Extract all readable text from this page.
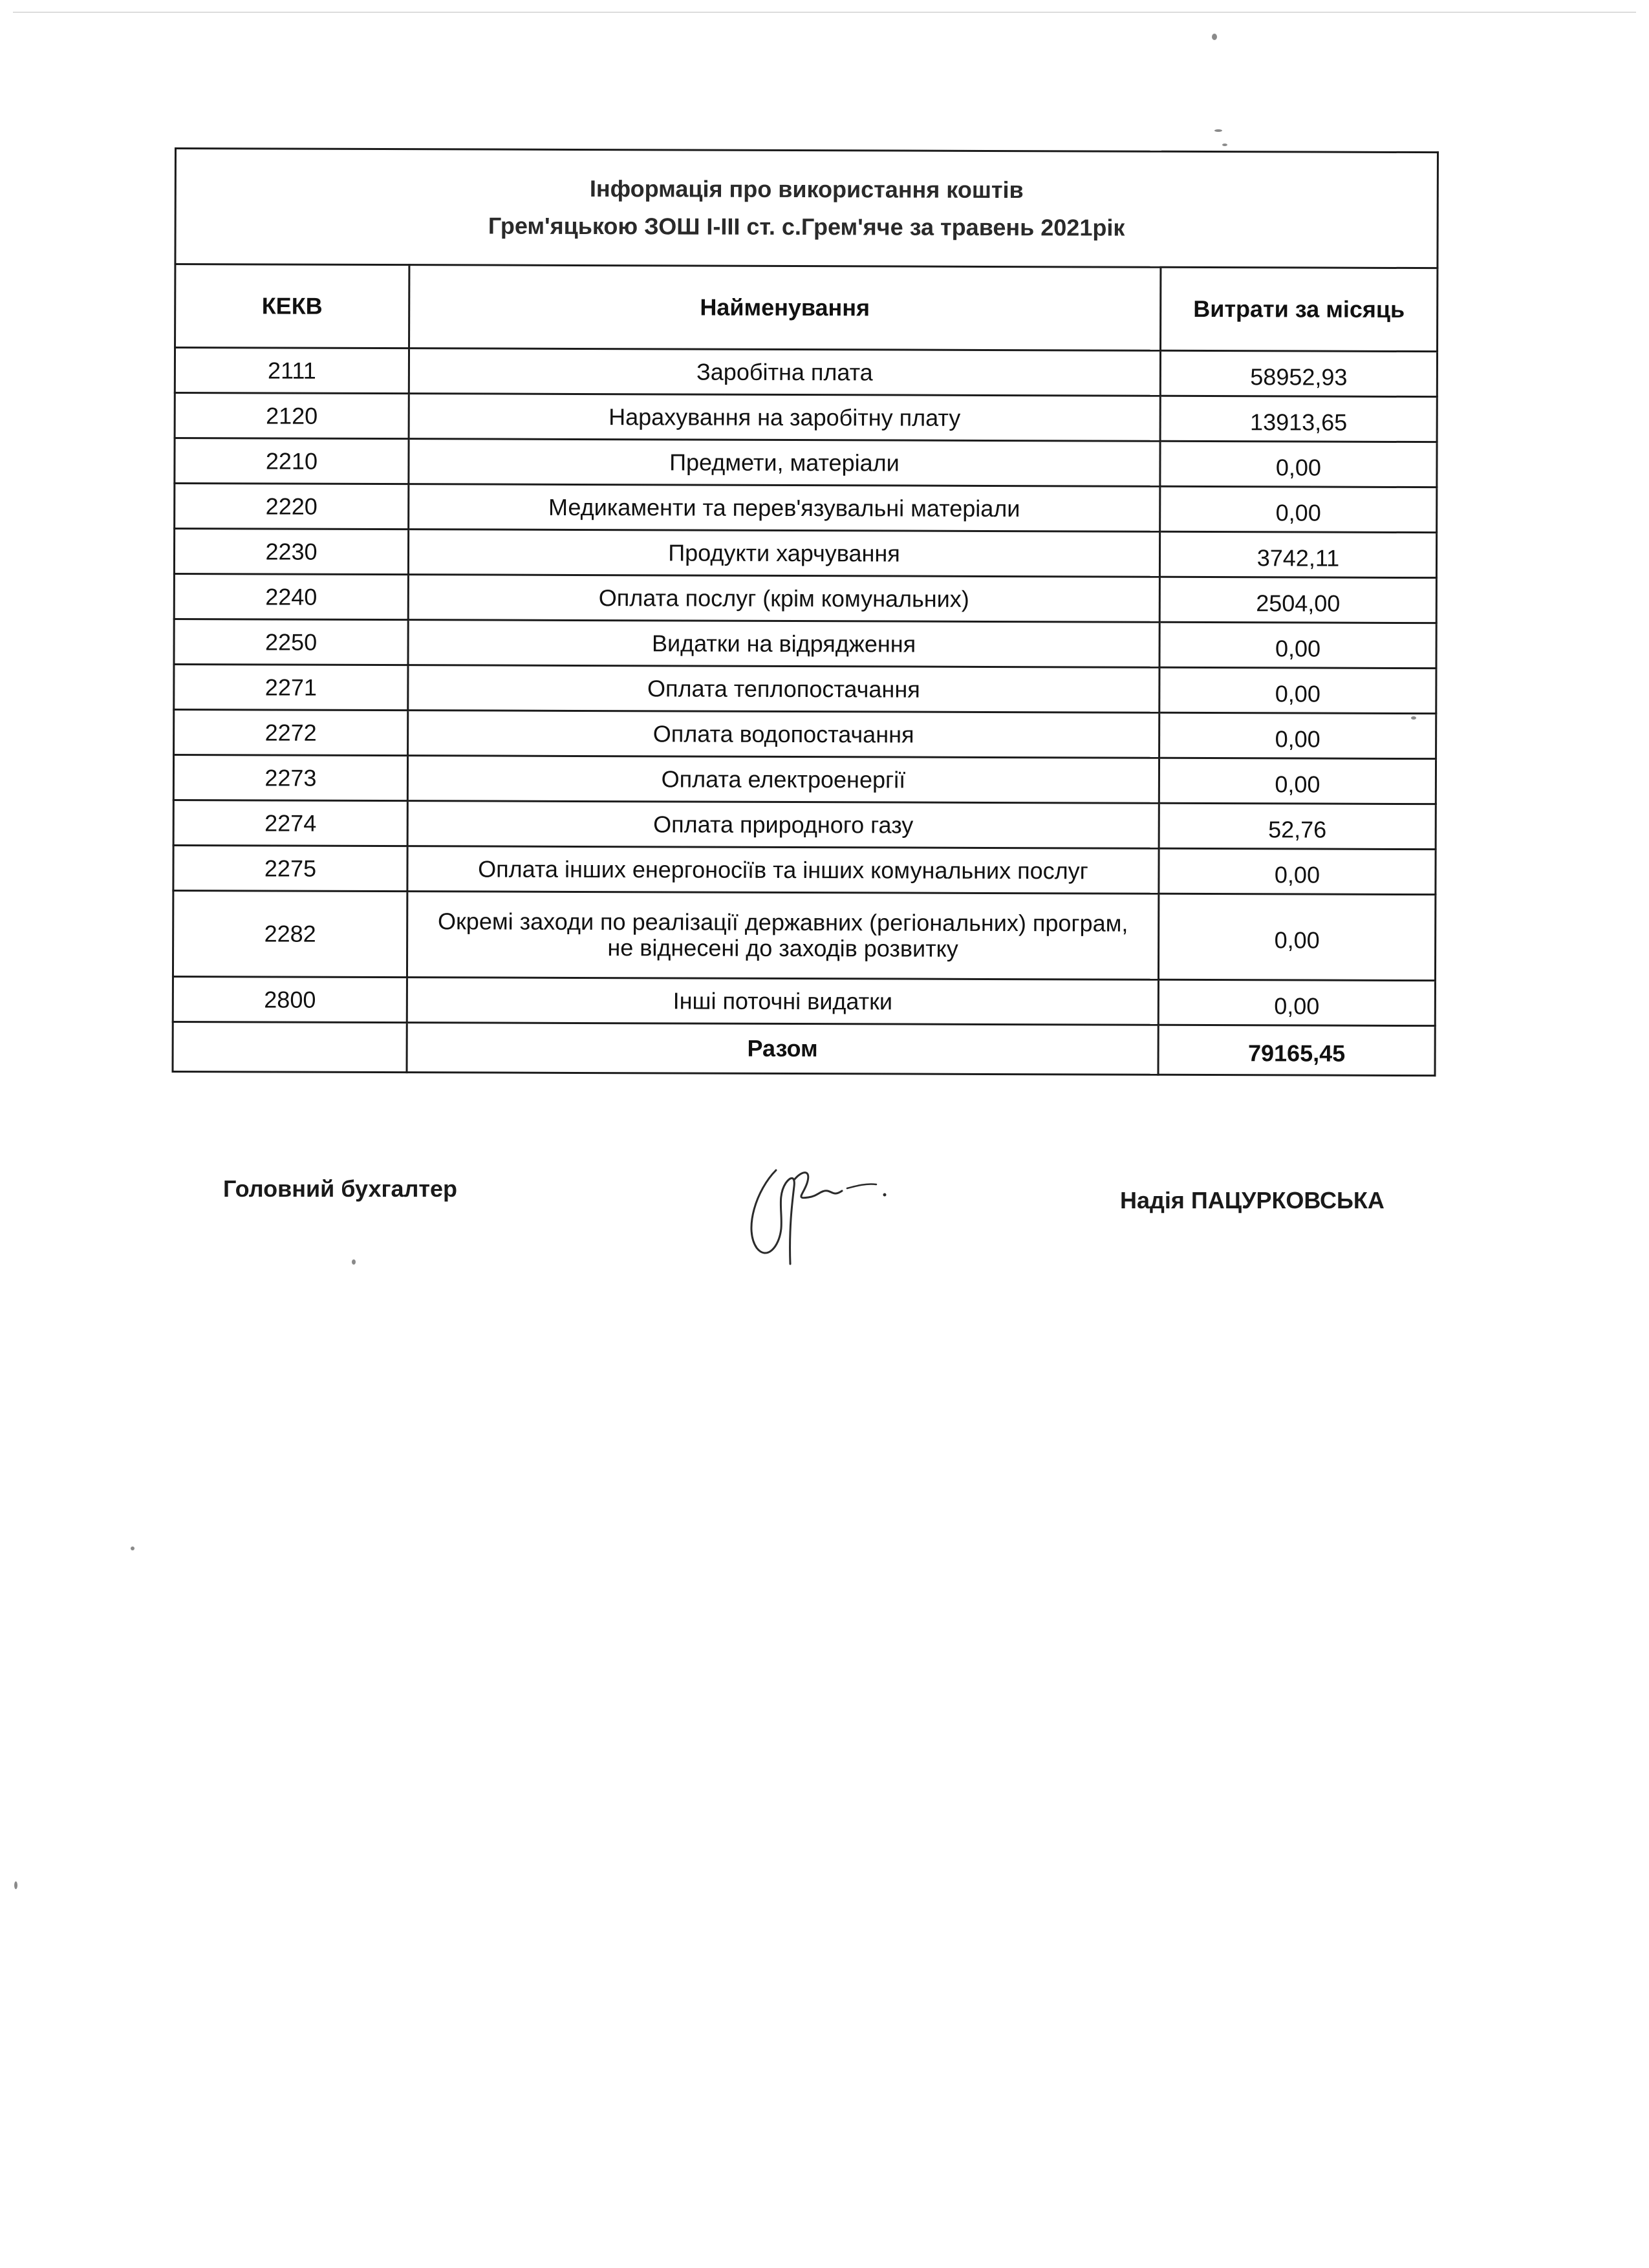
Інформація про використання коштів
Грем'яцькою ЗОШ І-ІІІ ст. с.Грем'яче за травень 2021рік		

КЕКВ	Найменування	Витрати за місяць
2111	Заробітна плата	58952,93
2120	Нарахування на заробітну плату	13913,65
2210	Предмети, матеріали	0,00
2220	Медикаменти та перев'язувальні матеріали	0,00
2230	Продукти харчування	3742,11
2240	Оплата послуг (крім комунальних)	2504,00
2250	Видатки на відрядження	0,00
2271	Оплата теплопостачання	0,00
2272	Оплата водопостачання	0,00
2273	Оплата електроенергії	0,00
2274	Оплата природного газу	52,76
2275	Оплата інших енергоносіїв та інших комунальних послуг	0,00
2282	Окремі заходи по реалізації державних (регіональних) програм,
не віднесені до заходів розвитку	0,00
2800	Інші поточні видатки	0,00
	Разом	79165,45
Головний бухгалтер	Надія ПАЦУРКОВСЬКА
